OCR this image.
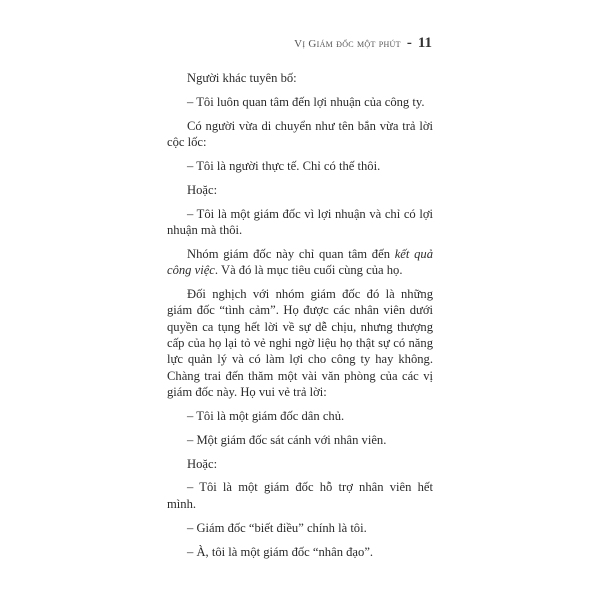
Vị Giám đốc một phút - 11

Người khác tuyên bố:

– Tôi luôn quan tâm đến lợi nhuận của công ty.

Có người vừa di chuyển như tên bắn vừa trả lời cộc lốc:

– Tôi là người thực tế. Chỉ có thế thôi.

Hoặc:

– Tôi là một giám đốc vì lợi nhuận và chỉ có lợi nhuận mà thôi.

Nhóm giám đốc này chỉ quan tâm đến kết quả công việc. Và đó là mục tiêu cuối cùng của họ.

Đối nghịch với nhóm giám đốc đó là những giám đốc “tình cảm”. Họ được các nhân viên dưới quyền ca tụng hết lời về sự dễ chịu, nhưng thượng cấp của họ lại tỏ vẻ nghi ngờ liệu họ thật sự có năng lực quản lý và có làm lợi cho công ty hay không. Chàng trai đến thăm một vài văn phòng của các vị giám đốc này. Họ vui vẻ trả lời:

– Tôi là một giám đốc dân chủ.

– Một giám đốc sát cánh với nhân viên.

Hoặc:

– Tôi là một giám đốc hỗ trợ nhân viên hết mình.

– Giám đốc “biết điều” chính là tôi.

– À, tôi là một giám đốc “nhân đạo”.
